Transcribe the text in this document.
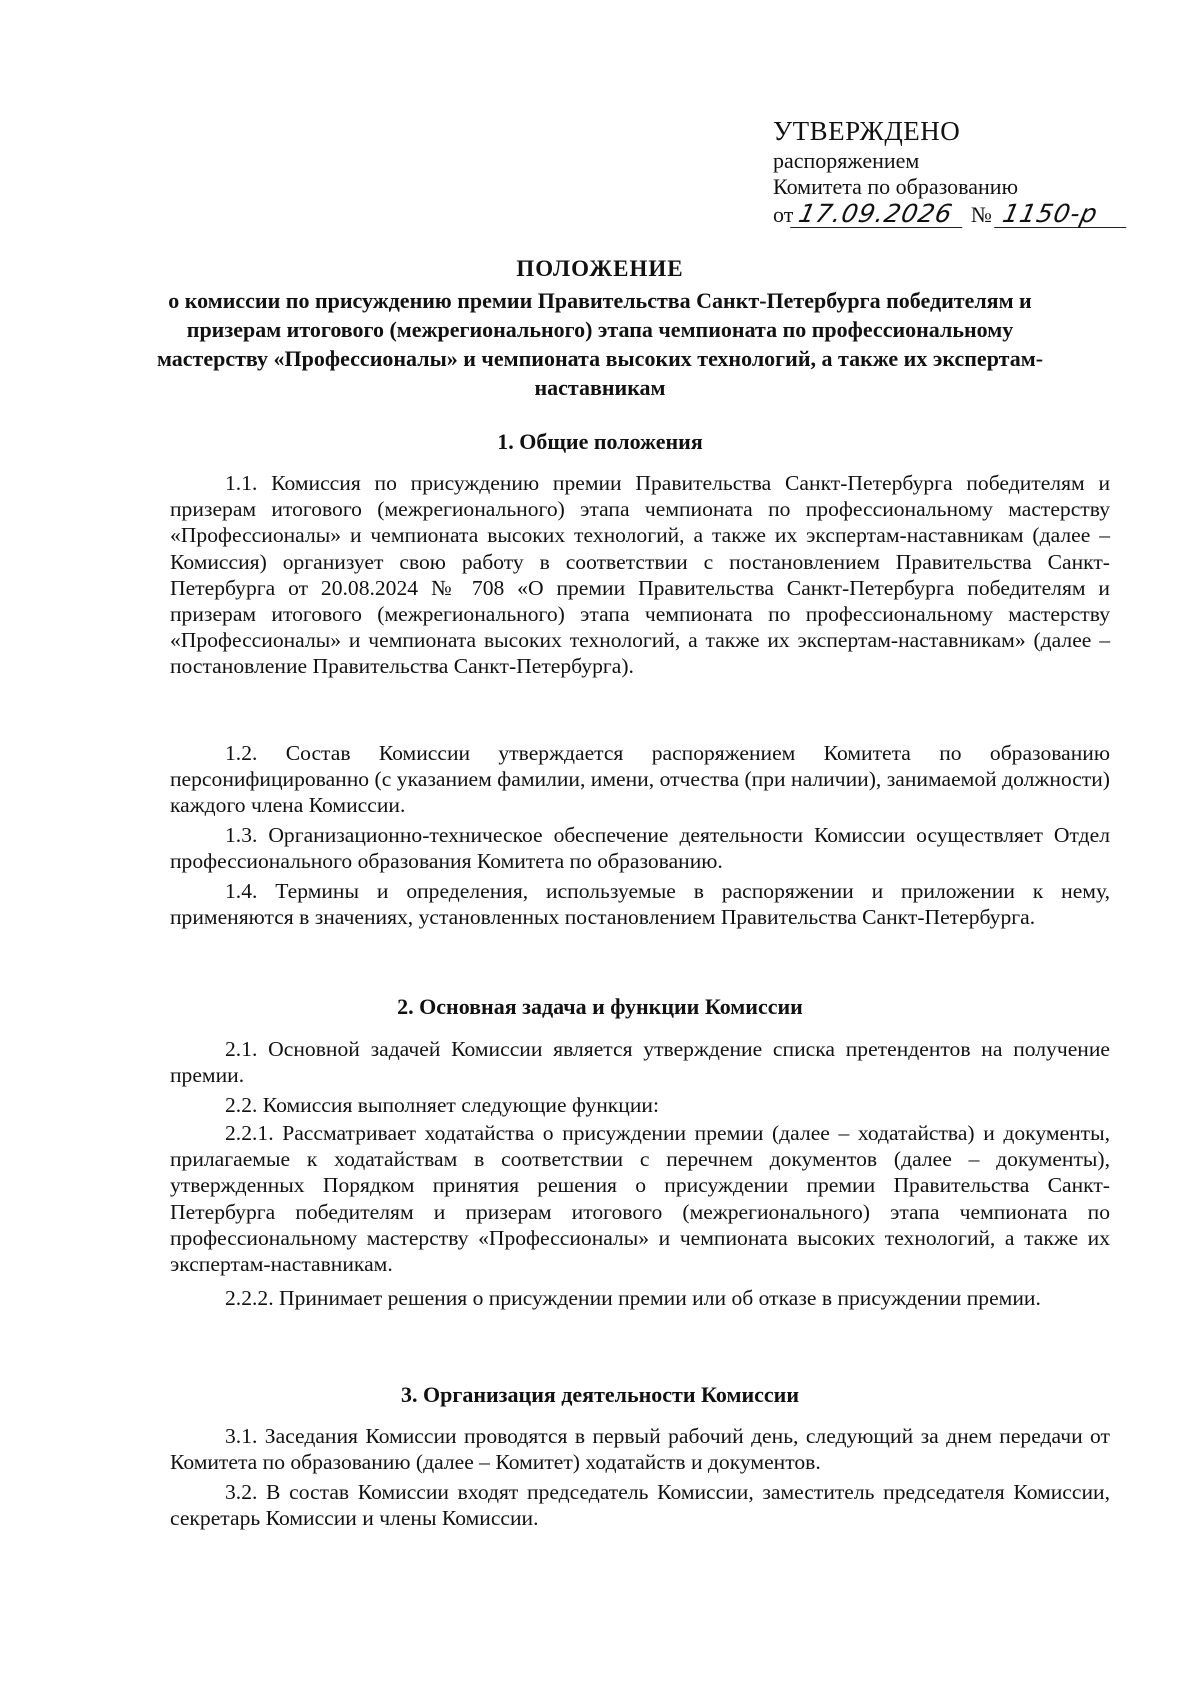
УТВЕРЖДЕНО
распоряжением
Комитета по образованию
от 17.09.2026 № 1150-р
ПОЛОЖЕНИЕ
о комиссии по присуждению премии Правительства Санкт-Петербурга победителям и призерам итогового (межрегионального) этапа чемпионата по профессиональному мастерству «Профессионалы» и чемпионата высоких технологий, а также их экспертам-наставникам
1. Общие положения

1.1. Комиссия по присуждению премии Правительства Санкт-Петербурга победителям и призерам итогового (межрегионального) этапа чемпионата по профессиональному мастерству «Профессионалы» и чемпионата высоких технологий, а также их экспертам-наставникам (далее – Комиссия) организует свою работу в соответствии с постановлением Правительства Санкт-Петербурга от 20.08.2024 № 708 «О премии Правительства Санкт-Петербурга победителям и призерам итогового (межрегионального) этапа чемпионата по профессиональному мастерству «Профессионалы» и чемпионата высоких технологий, а также их экспертам-наставникам» (далее – постановление Правительства Санкт-Петербурга).

1.2. Состав Комиссии утверждается распоряжением Комитета по образованию персонифицированно (с указанием фамилии, имени, отчества (при наличии), занимаемой должности) каждого члена Комиссии.

1.3. Организационно-техническое обеспечение деятельности Комиссии осуществляет Отдел профессионального образования Комитета по образованию.

1.4. Термины и определения, используемые в распоряжении и приложении к нему, применяются в значениях, установленных постановлением Правительства Санкт-Петербурга.

2. Основная задача и функции Комиссии

2.1. Основной задачей Комиссии является утверждение списка претендентов на получение премии.

2.2. Комиссия выполняет следующие функции:

2.2.1. Рассматривает ходатайства о присуждении премии (далее – ходатайства) и документы, прилагаемые к ходатайствам в соответствии с перечнем документов (далее – документы), утвержденных Порядком принятия решения о присуждении премии Правительства Санкт-Петербурга победителям и призерам итогового (межрегионального) этапа чемпионата по профессиональному мастерству «Профессионалы» и чемпионата высоких технологий, а также их экспертам-наставникам.

2.2.2. Принимает решения о присуждении премии или об отказе в присуждении премии.

3. Организация деятельности Комиссии

3.1. Заседания Комиссии проводятся в первый рабочий день, следующий за днем передачи от Комитета по образованию (далее – Комитет) ходатайств и документов.

3.2. В состав Комиссии входят председатель Комиссии, заместитель председателя Комиссии, секретарь Комиссии и члены Комиссии.
